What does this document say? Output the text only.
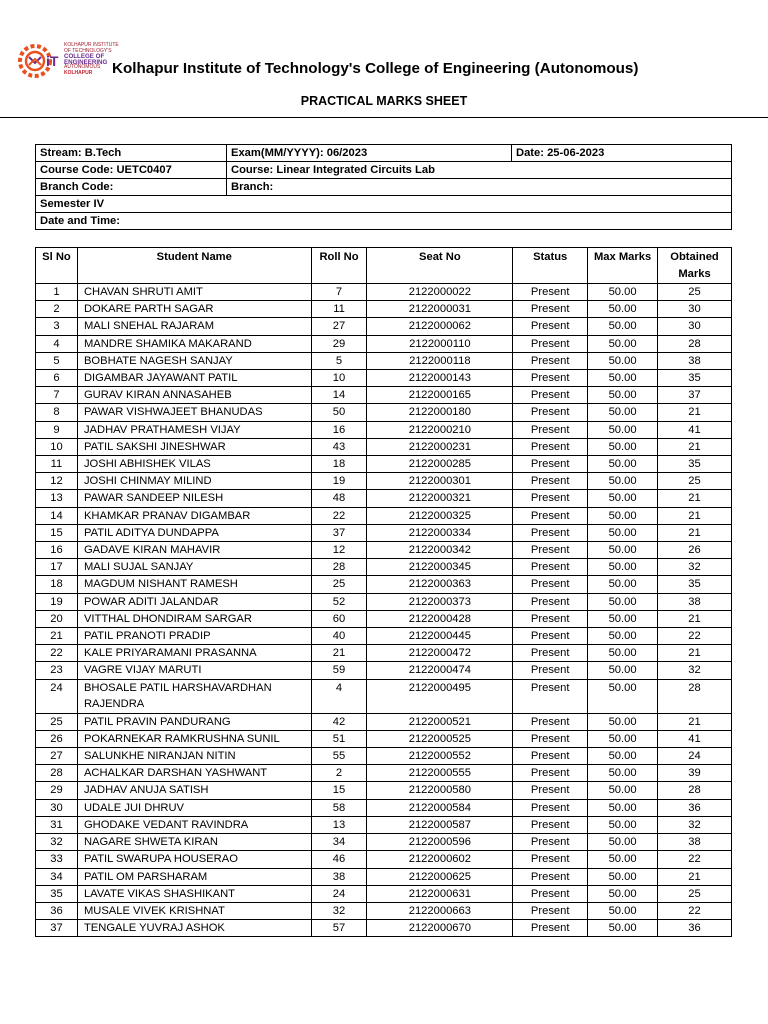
iT
KOLHAPUR INSTITUTE
OF TECHNOLOGY'S
COLLEGE OF
ENGINEERING
AUTONOMOUS
KOLHAPUR	Kolhapur Institute of Technology's College of Engineering (Autonomous)
PRACTICAL MARKS SHEET
Stream: B.Tech	Exam(MM/YYYY): 06/2023	Date: 25-06-2023
Course Code: UETC0407	Course: Linear Integrated Circuits Lab	
Branch Code:	Branch:	
Semester IV		
Date and Time:		
Sl No	Student Name	Roll No	Seat No	Status	Max Marks	Obtained Marks
1	CHAVAN SHRUTI AMIT	7	2122000022	Present	50.00	25
2	DOKARE PARTH SAGAR	11	2122000031	Present	50.00	30
3	MALI SNEHAL RAJARAM	27	2122000062	Present	50.00	30
4	MANDRE SHAMIKA MAKARAND	29	2122000110	Present	50.00	28
5	BOBHATE NAGESH SANJAY	5	2122000118	Present	50.00	38
6	DIGAMBAR JAYAWANT PATIL	10	2122000143	Present	50.00	35
7	GURAV KIRAN ANNASAHEB	14	2122000165	Present	50.00	37
8	PAWAR VISHWAJEET BHANUDAS	50	2122000180	Present	50.00	21
9	JADHAV PRATHAMESH VIJAY	16	2122000210	Present	50.00	41
10	PATIL SAKSHI JINESHWAR	43	2122000231	Present	50.00	21
11	JOSHI ABHISHEK VILAS	18	2122000285	Present	50.00	35
12	JOSHI CHINMAY MILIND	19	2122000301	Present	50.00	25
13	PAWAR SANDEEP NILESH	48	2122000321	Present	50.00	21
14	KHAMKAR PRANAV DIGAMBAR	22	2122000325	Present	50.00	21
15	PATIL ADITYA DUNDAPPA	37	2122000334	Present	50.00	21
16	GADAVE KIRAN MAHAVIR	12	2122000342	Present	50.00	26
17	MALI SUJAL SANJAY	28	2122000345	Present	50.00	32
18	MAGDUM NISHANT RAMESH	25	2122000363	Present	50.00	35
19	POWAR ADITI JALANDAR	52	2122000373	Present	50.00	38
20	VITTHAL DHONDIRAM SARGAR	60	2122000428	Present	50.00	21
21	PATIL PRANOTI PRADIP	40	2122000445	Present	50.00	22
22	KALE PRIYARAMANI PRASANNA	21	2122000472	Present	50.00	21
23	VAGRE VIJAY MARUTI	59	2122000474	Present	50.00	32
24	BHOSALE PATIL HARSHAVARDHAN RAJENDRA	4	2122000495	Present	50.00	28
25	PATIL PRAVIN PANDURANG	42	2122000521	Present	50.00	21
26	POKARNEKAR RAMKRUSHNA SUNIL	51	2122000525	Present	50.00	41
27	SALUNKHE NIRANJAN NITIN	55	2122000552	Present	50.00	24
28	ACHALKAR DARSHAN YASHWANT	2	2122000555	Present	50.00	39
29	JADHAV ANUJA SATISH	15	2122000580	Present	50.00	28
30	UDALE JUI DHRUV	58	2122000584	Present	50.00	36
31	GHODAKE VEDANT RAVINDRA	13	2122000587	Present	50.00	32
32	NAGARE SHWETA KIRAN	34	2122000596	Present	50.00	38
33	PATIL SWARUPA HOUSERAO	46	2122000602	Present	50.00	22
34	PATIL OM PARSHARAM	38	2122000625	Present	50.00	21
35	LAVATE VIKAS SHASHIKANT	24	2122000631	Present	50.00	25
36	MUSALE VIVEK KRISHNAT	32	2122000663	Present	50.00	22
37	TENGALE YUVRAJ ASHOK	57	2122000670	Present	50.00	36
